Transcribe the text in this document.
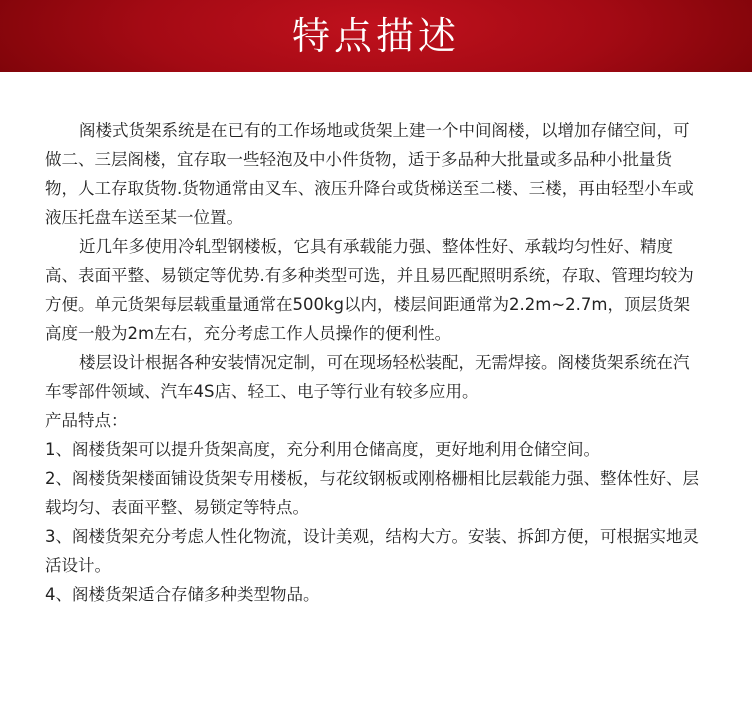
特点描述

阁楼式货架系统是在已有的工作场地或货架上建一个中间阁楼，以增加存储空间，可做二、三层阁楼，宜存取一些轻泡及中小件货物，适于多品种大批量或多品种小批量货物，人工存取货物.货物通常由叉车、液压升降台或货梯送至二楼、三楼，再由轻型小车或液压托盘车送至某一位置。

近几年多使用冷轧型钢楼板，它具有承载能力强、整体性好、承载均匀性好、精度高、表面平整、易锁定等优势.有多种类型可选，并且易匹配照明系统，存取、管理均较为方便。单元货架每层载重量通常在500kg以内，楼层间距通常为2.2m~2.7m，顶层货架高度一般为2m左右，充分考虑工作人员操作的便利性。

楼层设计根据各种安装情况定制，可在现场轻松装配，无需焊接。阁楼货架系统在汽车零部件领域、汽车4S店、轻工、电子等行业有较多应用。

产品特点：

1、阁楼货架可以提升货架高度，充分利用仓储高度，更好地利用仓储空间。

2、阁楼货架楼面铺设货架专用楼板，与花纹钢板或刚格栅相比层载能力强、整体性好、层载均匀、表面平整、易锁定等特点。

3、阁楼货架充分考虑人性化物流，设计美观，结构大方。安装、拆卸方便，可根据实地灵活设计。

4、阁楼货架适合存储多种类型物品。
